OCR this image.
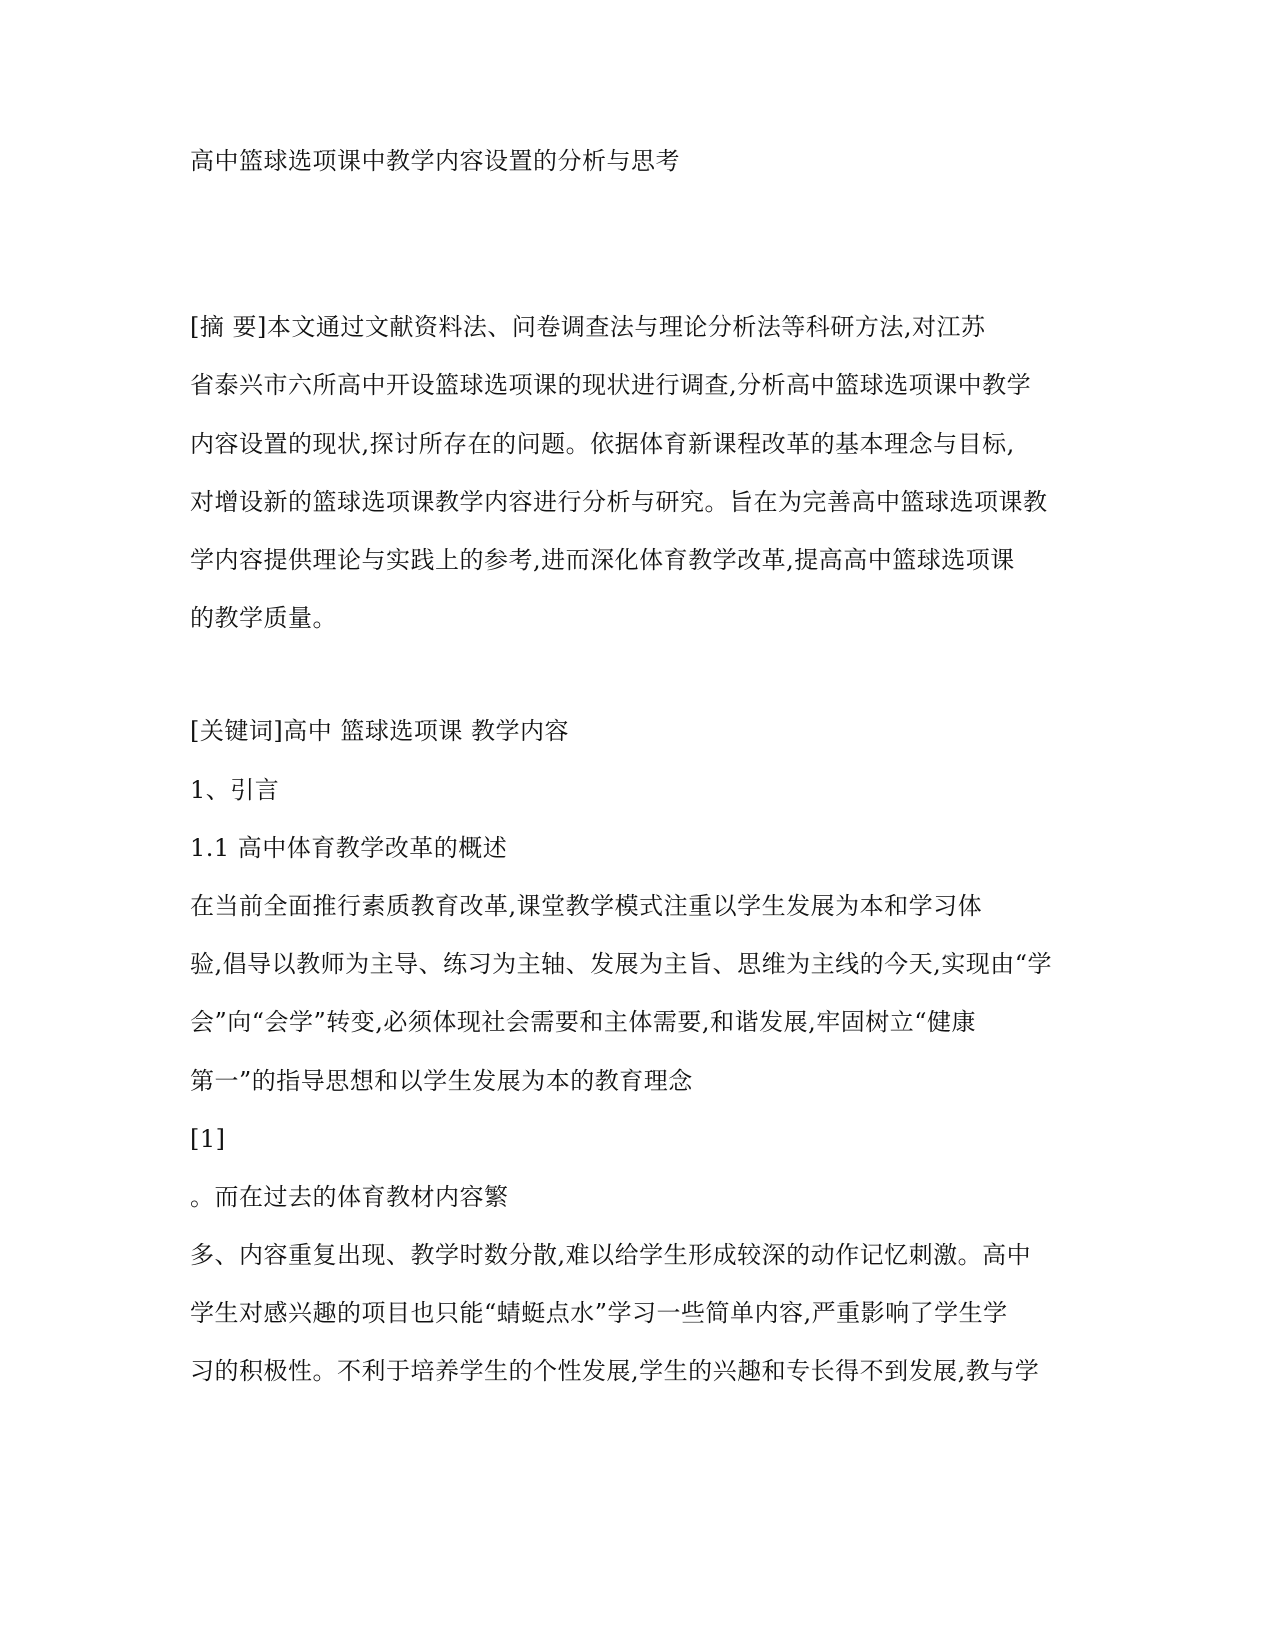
高中篮球选项课中教学内容设置的分析与思考
[摘 要]本文通过文献资料法、问卷调查法与理论分析法等科研方法,对江苏
省泰兴市六所高中开设篮球选项课的现状进行调查,分析高中篮球选项课中教学
内容设置的现状,探讨所存在的问题。依据体育新课程改革的基本理念与目标,
对增设新的篮球选项课教学内容进行分析与研究。旨在为完善高中篮球选项课教
学内容提供理论与实践上的参考,进而深化体育教学改革,提高高中篮球选项课
的教学质量。
[关键词]高中 篮球选项课 教学内容
1、引言
1.1 高中体育教学改革的概述
在当前全面推行素质教育改革,课堂教学模式注重以学生发展为本和学习体
验,倡导以教师为主导、练习为主轴、发展为主旨、思维为主线的今天,实现由“学
会”向“会学”转变,必须体现社会需要和主体需要,和谐发展,牢固树立“健康
第一”的指导思想和以学生发展为本的教育理念
[1]
。而在过去的体育教材内容繁
多、内容重复出现、教学时数分散,难以给学生形成较深的动作记忆刺激。高中
学生对感兴趣的项目也只能“蜻蜓点水”学习一些简单内容,严重影响了学生学
习的积极性。不利于培养学生的个性发展,学生的兴趣和专长得不到发展,教与学
